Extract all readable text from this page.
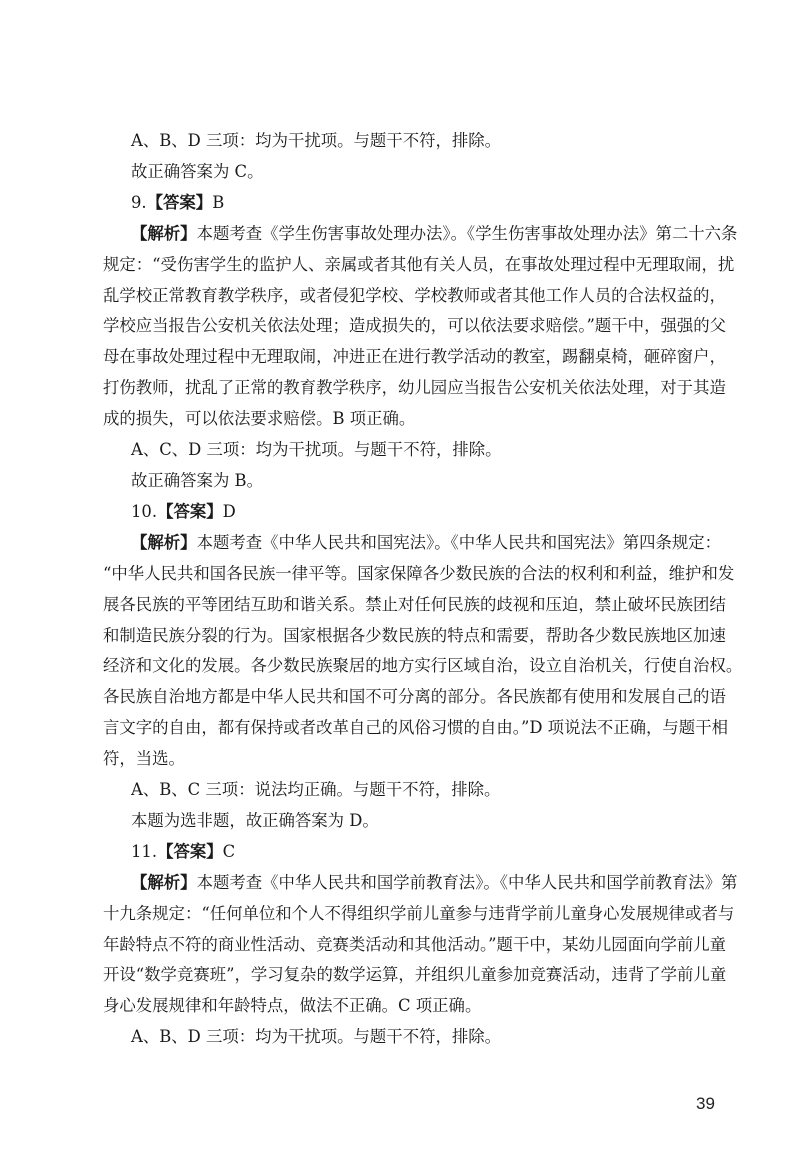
A、B、D 三项：均为干扰项。与题干不符，排除。

故正确答案为 C。

9.【答案】B

【解析】本题考查《学生伤害事故处理办法》。《学生伤害事故处理办法》第二十六条
规定：“受伤害学生的监护人、亲属或者其他有关人员，在事故处理过程中无理取闹，扰
乱学校正常教育教学秩序，或者侵犯学校、学校教师或者其他工作人员的合法权益的，
学校应当报告公安机关依法处理；造成损失的，可以依法要求赔偿。”题干中，强强的父
母在事故处理过程中无理取闹，冲进正在进行教学活动的教室，踢翻桌椅，砸碎窗户，
打伤教师，扰乱了正常的教育教学秩序，幼儿园应当报告公安机关依法处理，对于其造
成的损失，可以依法要求赔偿。B 项正确。

A、C、D 三项：均为干扰项。与题干不符，排除。

故正确答案为 B。

10.【答案】D

【解析】本题考查《中华人民共和国宪法》。《中华人民共和国宪法》第四条规定：
“中华人民共和国各民族一律平等。国家保障各少数民族的合法的权利和利益，维护和发
展各民族的平等团结互助和谐关系。禁止对任何民族的歧视和压迫，禁止破坏民族团结
和制造民族分裂的行为。国家根据各少数民族的特点和需要，帮助各少数民族地区加速
经济和文化的发展。各少数民族聚居的地方实行区域自治，设立自治机关，行使自治权。
各民族自治地方都是中华人民共和国不可分离的部分。各民族都有使用和发展自己的语
言文字的自由，都有保持或者改革自己的风俗习惯的自由。”D 项说法不正确，与题干相
符，当选。

A、B、C 三项：说法均正确。与题干不符，排除。

本题为选非题，故正确答案为 D。

11.【答案】C

【解析】本题考查《中华人民共和国学前教育法》。《中华人民共和国学前教育法》第
十九条规定：“任何单位和个人不得组织学前儿童参与违背学前儿童身心发展规律或者与
年龄特点不符的商业性活动、竞赛类活动和其他活动。”题干中，某幼儿园面向学前儿童
开设“数学竞赛班”，学习复杂的数学运算，并组织儿童参加竞赛活动，违背了学前儿童
身心发展规律和年龄特点，做法不正确。C 项正确。

A、B、D 三项：均为干扰项。与题干不符，排除。

39
